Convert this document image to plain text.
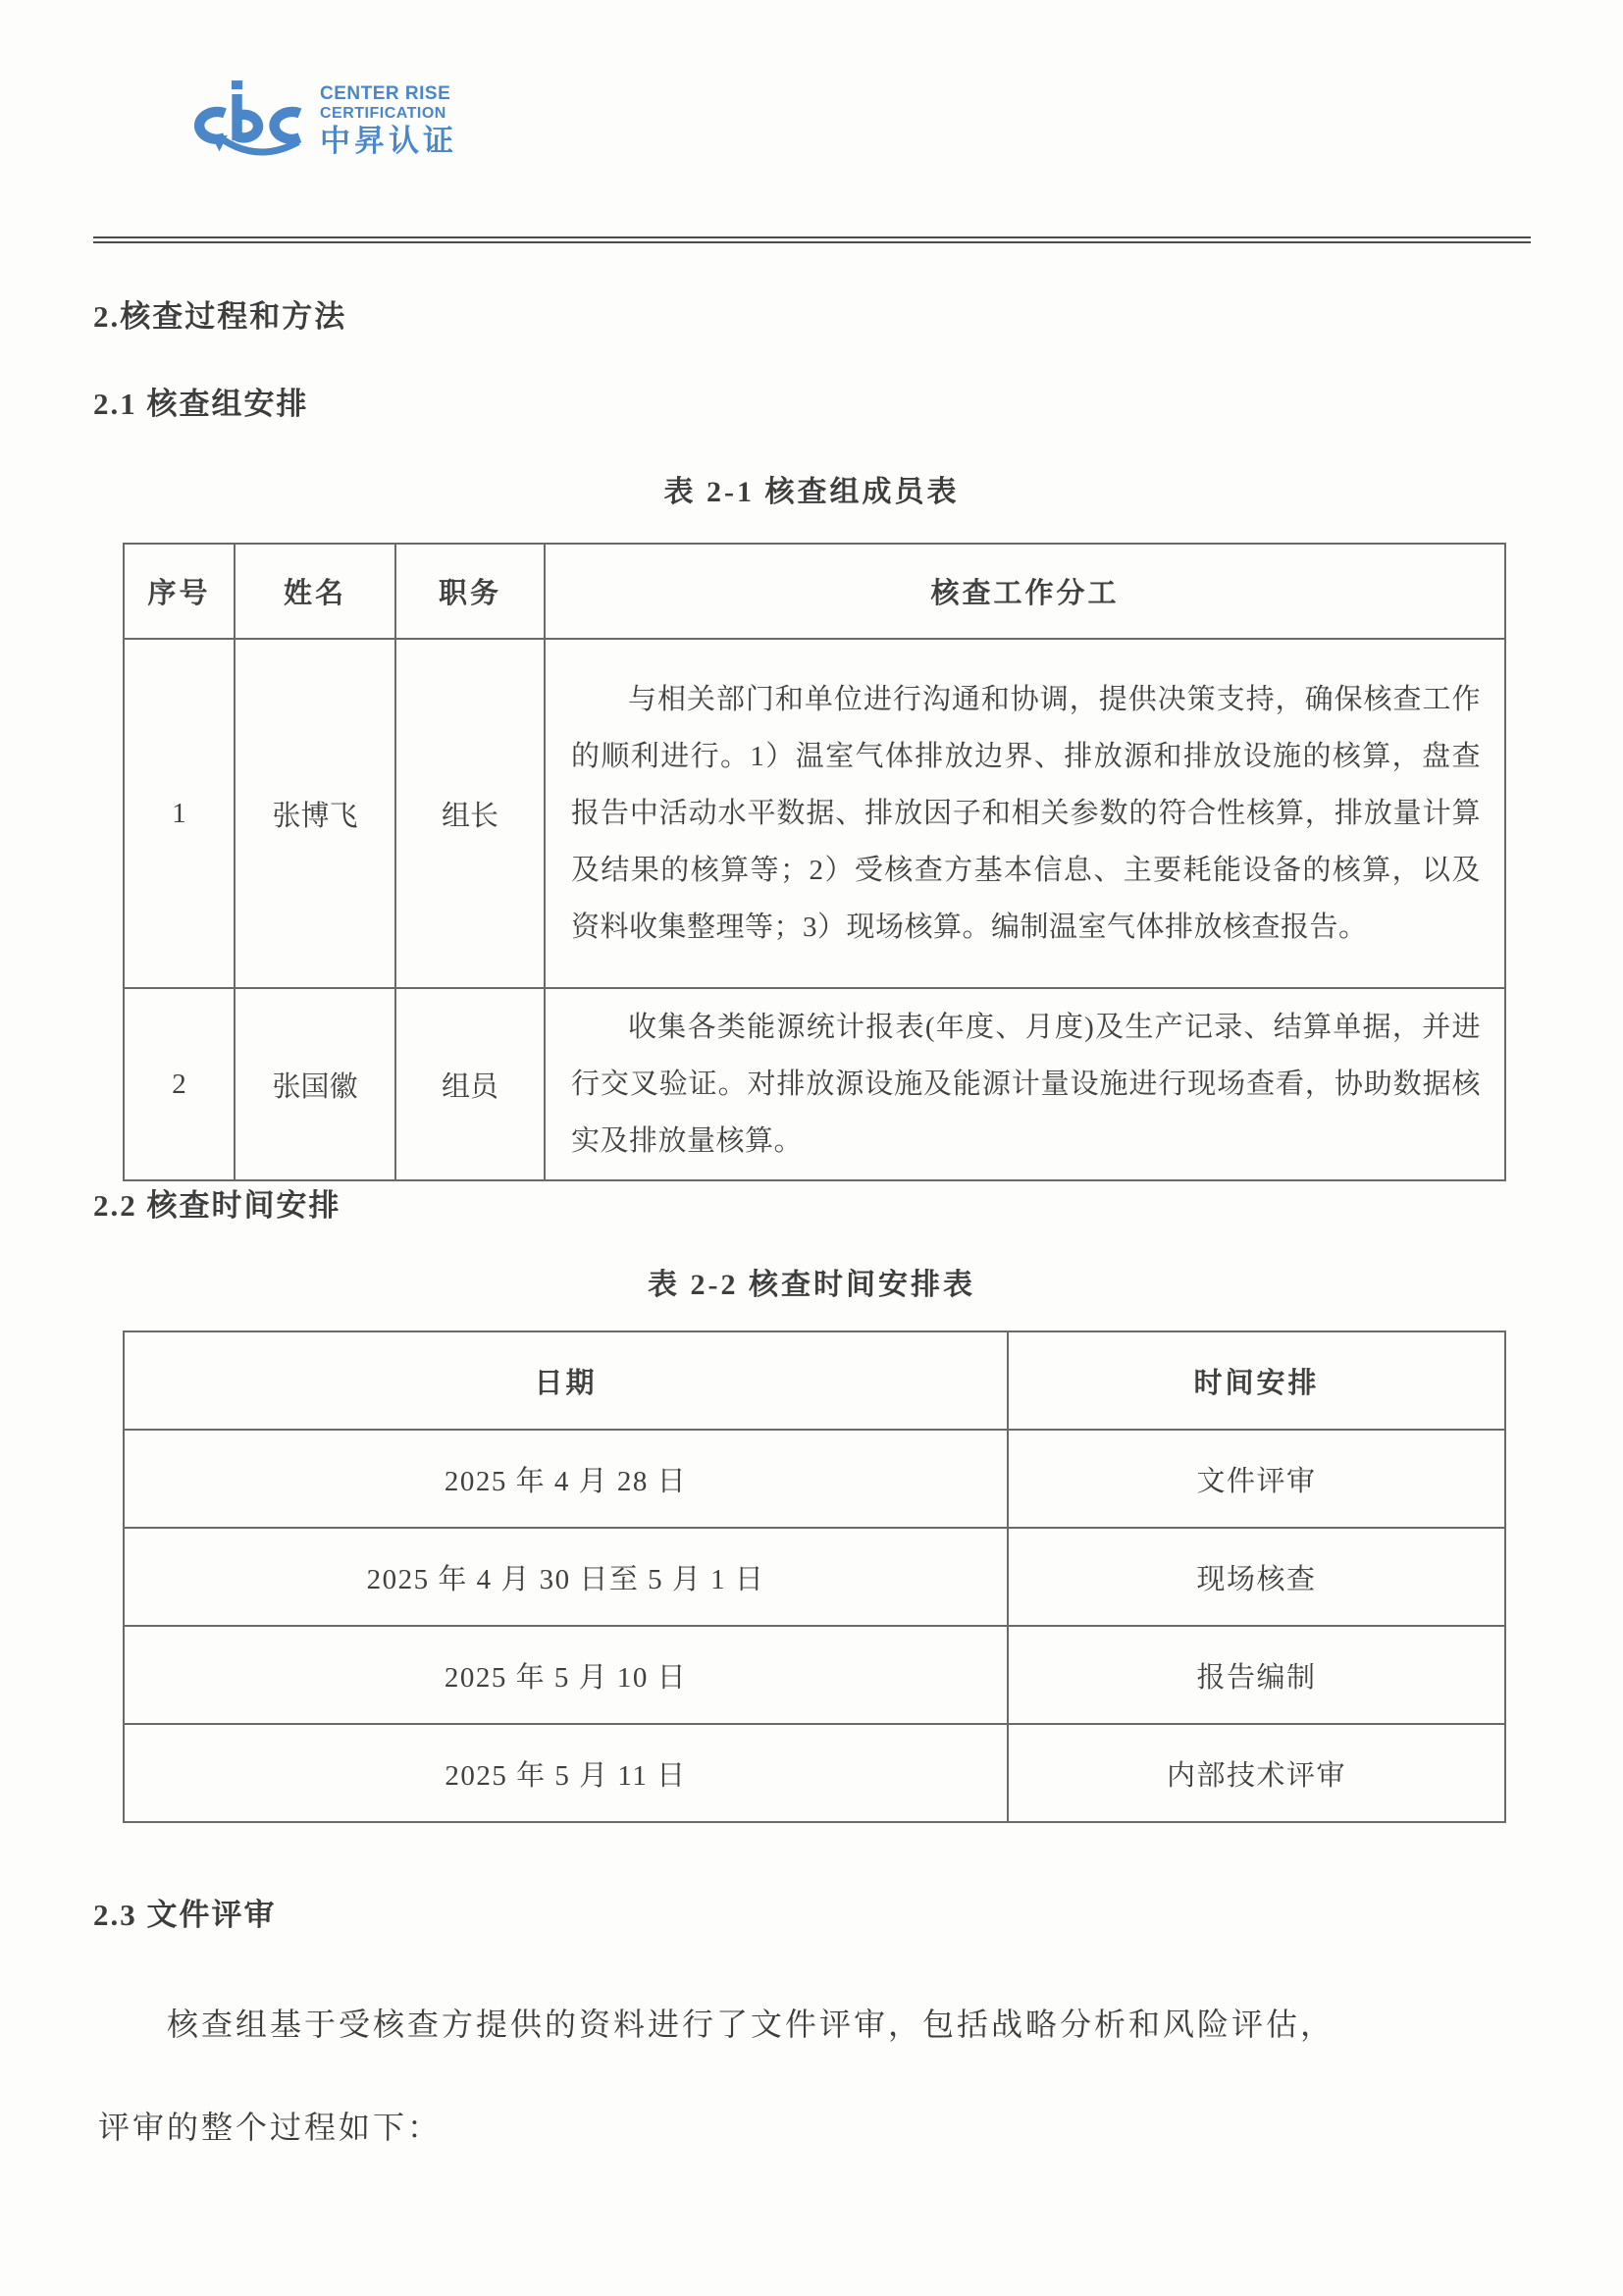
CENTER RISE
CERTIFICATION
中昇认证
2.核查过程和方法
2.1 核查组安排
表 2-1 核查组成员表
序号	姓名	职务	核查工作分工
1	张博飞	组长	与相关部门和单位进行沟通和协调，提供决策支持，确保核查工作的顺利进行。1）温室气体排放边界、排放源和排放设施的核算，盘查报告中活动水平数据、排放因子和相关参数的符合性核算，排放量计算及结果的核算等；2）受核查方基本信息、主要耗能设备的核算，以及资料收集整理等；3）现场核算。编制温室气体排放核查报告。

2	张国徽	组员	收集各类能源统计报表(年度、月度)及生产记录、结算单据，并进行交叉验证。对排放源设施及能源计量设施进行现场查看，协助数据核实及排放量核算。

2.2 核查时间安排
表 2-2 核查时间安排表
日期	时间安排
2025 年 4 月 28 日	文件评审
2025 年 4 月 30 日至 5 月 1 日	现场核查
2025 年 5 月 10 日	报告编制
2025 年 5 月 11 日	内部技术评审
2.3 文件评审

核查组基于受核查方提供的资料进行了文件评审，包括战略分析和风险评估，

评审的整个过程如下：
